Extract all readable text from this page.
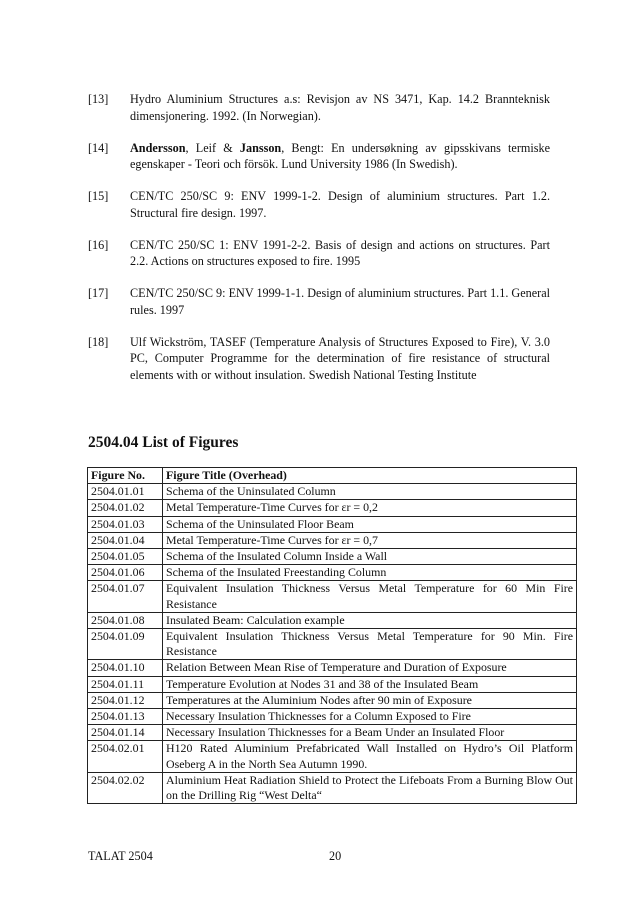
[13]	Hydro Aluminium Structures a.s: Revisjon av NS 3471, Kap. 14.2 Brannteknisk dimensjonering. 1992. (In Norwegian).
[14]	Andersson, Leif & Jansson, Bengt: En undersøkning av gipsskivans termiske egenskaper - Teori och försök. Lund University 1986 (In Swedish).
[15]	CEN/TC 250/SC 9: ENV 1999-1-2. Design of aluminium structures. Part 1.2. Structural fire design. 1997.
[16]	CEN/TC 250/SC 1: ENV 1991-2-2. Basis of design and actions on structures. Part 2.2. Actions on structures exposed to fire. 1995
[17]	CEN/TC 250/SC 9: ENV 1999-1-1. Design of aluminium structures. Part 1.1. General rules. 1997
[18]	Ulf Wickström, TASEF (Temperature Analysis of Structures Exposed to Fire), V. 3.0 PC, Computer Programme for the determination of fire resistance of structural elements with or without insulation. Swedish National Testing Institute
2504.04 List of Figures
Figure No.	Figure Title (Overhead)
2504.01.01	Schema of the Uninsulated Column
2504.01.02	Metal Temperature-Time Curves for εr = 0,2
2504.01.03	Schema of the Uninsulated Floor Beam
2504.01.04	Metal Temperature-Time Curves for εr = 0,7
2504.01.05	Schema of the Insulated Column Inside a Wall
2504.01.06	Schema of the Insulated Freestanding Column
2504.01.07	Equivalent Insulation Thickness Versus Metal Temperature for 60 Min Fire Resistance
2504.01.08	Insulated Beam: Calculation example
2504.01.09	Equivalent Insulation Thickness Versus Metal Temperature for 90 Min. Fire Resistance
2504.01.10	Relation Between Mean Rise of Temperature and Duration of Exposure
2504.01.11	Temperature Evolution at Nodes 31 and 38 of the Insulated Beam
2504.01.12	Temperatures at the Aluminium Nodes after 90 min of Exposure
2504.01.13	Necessary Insulation Thicknesses for a Column Exposed to Fire
2504.01.14	Necessary Insulation Thicknesses for a Beam Under an Insulated Floor
2504.02.01	H120 Rated Aluminium Prefabricated Wall Installed on Hydro’s Oil Platform Oseberg A in the North Sea Autumn 1990.
2504.02.02	Aluminium Heat Radiation Shield to Protect the Lifeboats From a Burning Blow Out on the Drilling Rig “West Delta“
TALAT 2504	20
